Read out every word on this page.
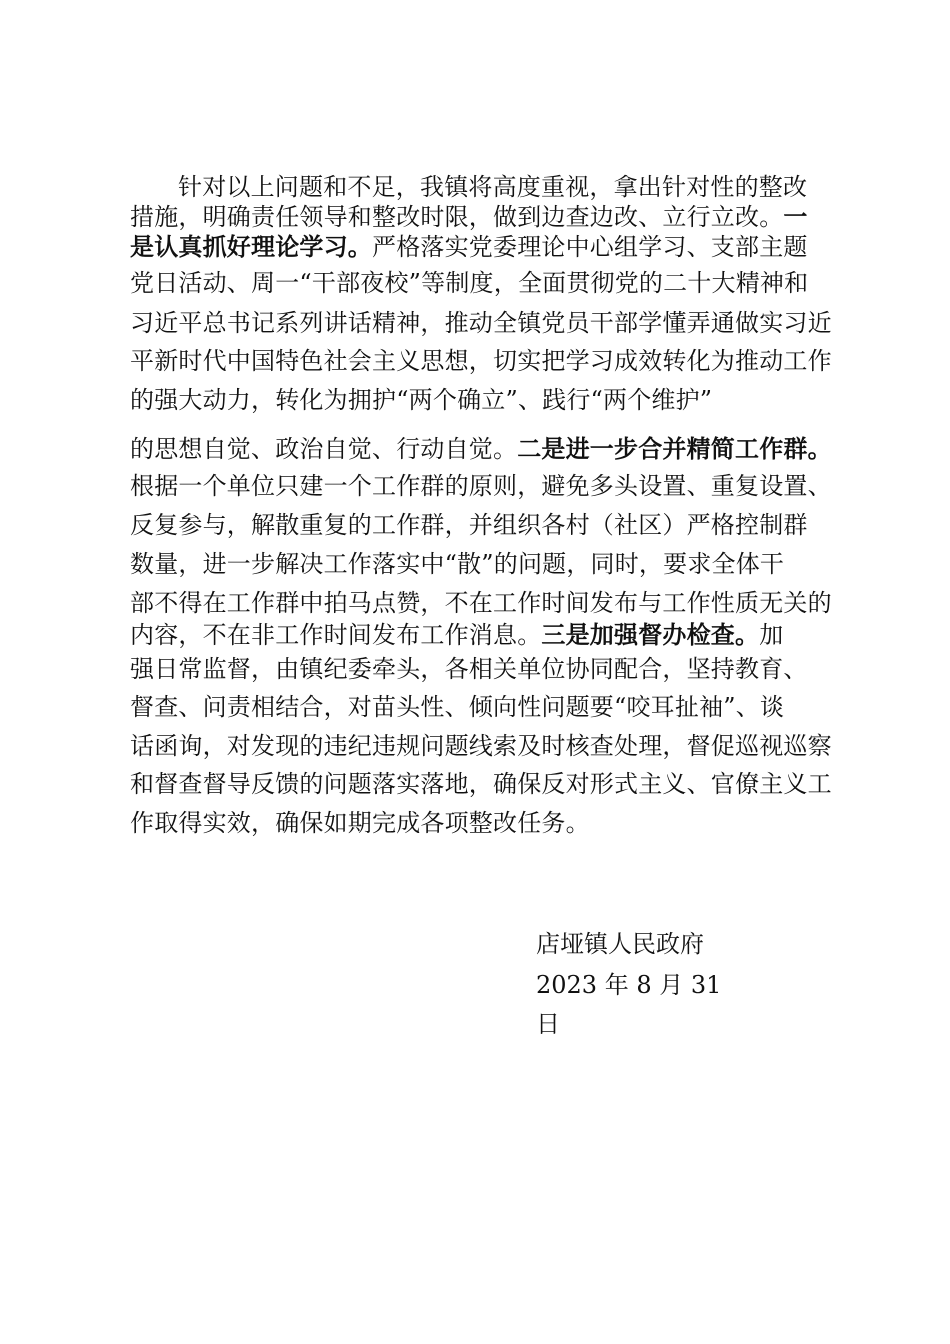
针对以上问题和不足，我镇将高度重视，拿出针对性的整改
措施，明确责任领导和整改时限，做到边查边改、立行立改。一
是认真抓好理论学习。严格落实党委理论中心组学习、支部主题
党日活动、周一“干部夜校”等制度，全面贯彻党的二十大精神和
习近平总书记系列讲话精神，推动全镇党员干部学懂弄通做实习近
平新时代中国特色社会主义思想，切实把学习成效转化为推动工作
的强大动力，转化为拥护“两个确立”、践行“两个维护”
的思想自觉、政治自觉、行动自觉。二是进一步合并精简工作群。
根据一个单位只建一个工作群的原则，避免多头设置、重复设置、
反复参与，解散重复的工作群，并组织各村（社区）严格控制群
数量，进一步解决工作落实中“散”的问题，同时，要求全体干
部不得在工作群中拍马点赞，不在工作时间发布与工作性质无关的
内容，不在非工作时间发布工作消息。三是加强督办检查。加
强日常监督，由镇纪委牵头，各相关单位协同配合，坚持教育、
督查、问责相结合，对苗头性、倾向性问题要“咬耳扯袖”、谈
话函询，对发现的违纪违规问题线索及时核查处理，督促巡视巡察
和督查督导反馈的问题落实落地，确保反对形式主义、官僚主义工
作取得实效，确保如期完成各项整改任务。
店垭镇人民政府
2023 年 8 月 31
日
